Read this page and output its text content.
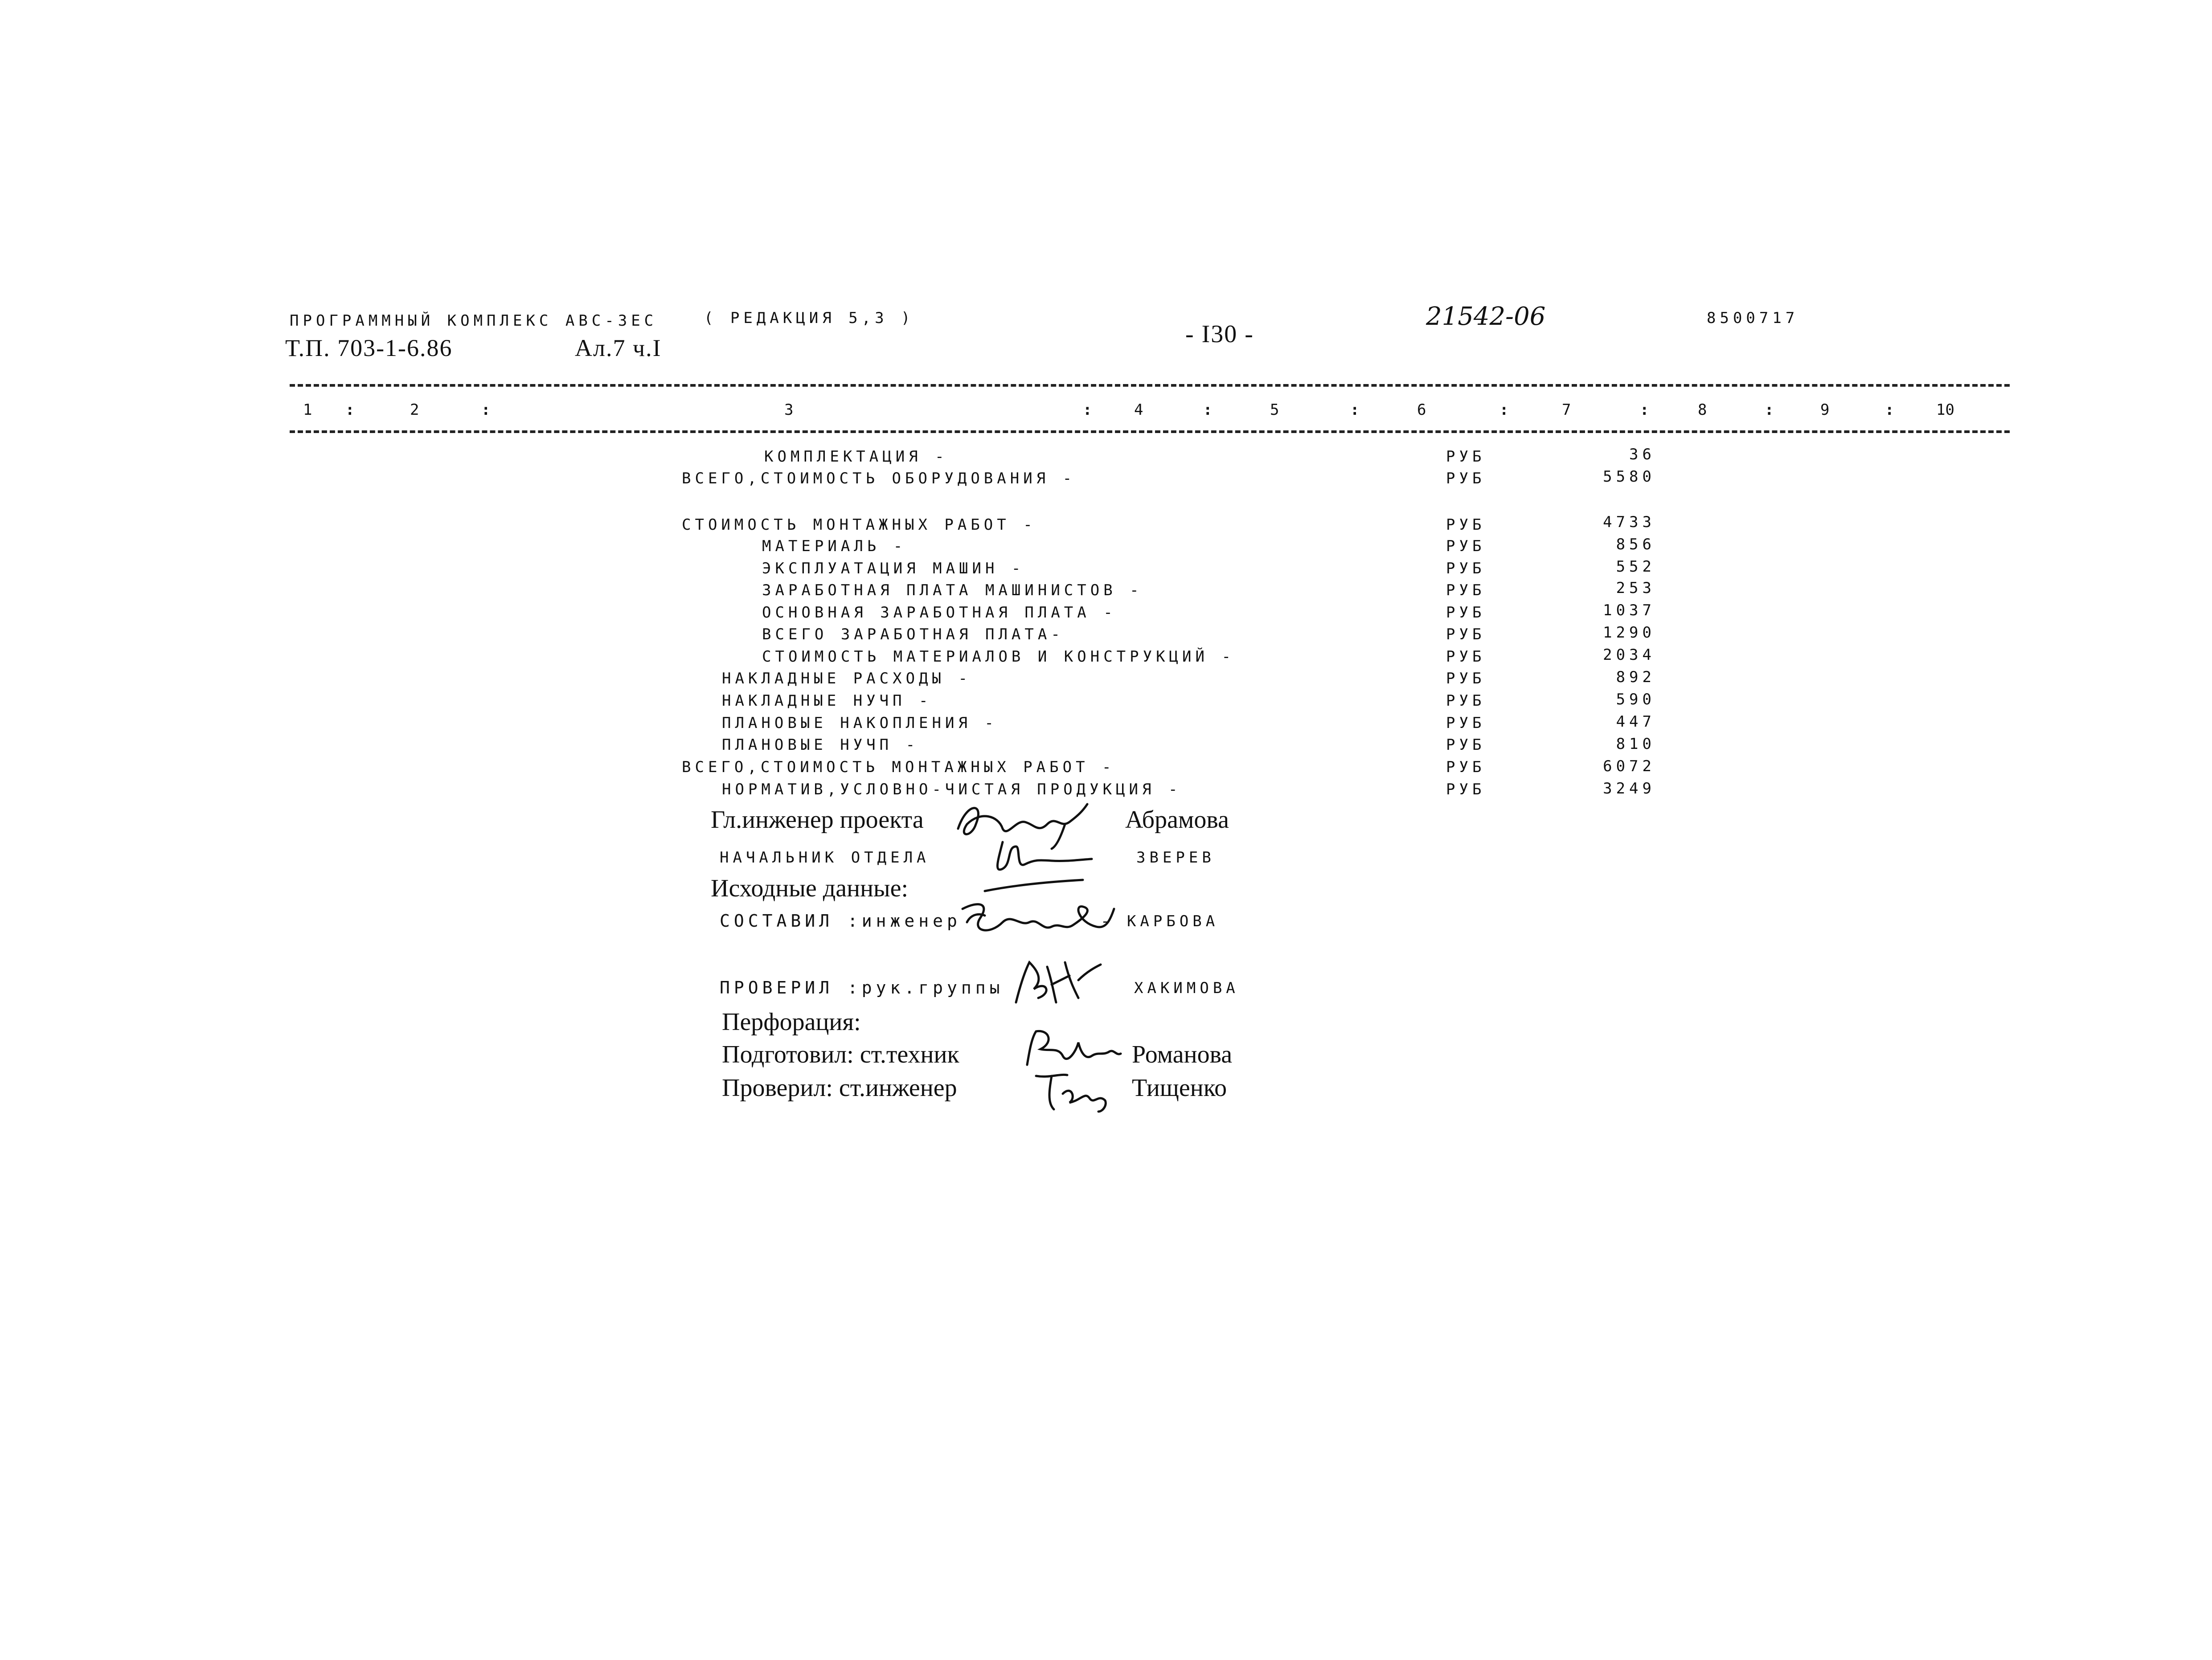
ПРОГРАММНЫЙ КОМПЛЕКС АВС-3ЕС	( РЕДАКЦИЯ 5,3 )
Т.П. 703-1-6.86	Ал.7 ч.I	- I30 -
21542-06	8500717
1 :	2	:	3	:	4	:	5	:	6	:	7	:	8	:	9	:	10
КОМПЛЕКТАЦИЯ -	РУБ	36
ВСЕГО,СТОИМОСТЬ ОБОРУДОВАНИЯ -	РУБ	5580
СТОИМОСТЬ МОНТАЖНЫХ РАБОТ -	РУБ	4733
МАТЕРИАЛЬ -	РУБ	856
ЭКСПЛУАТАЦИЯ МАШИН -	РУБ	552
ЗАРАБОТНАЯ ПЛАТА МАШИНИСТОВ -	РУБ	253
ОСНОВНАЯ ЗАРАБОТНАЯ ПЛАТА -	РУБ	1037
ВСЕГО ЗАРАБОТНАЯ ПЛАТА-	РУБ	1290
СТОИМОСТЬ МАТЕРИАЛОВ И КОНСТРУКЦИЙ -	РУБ	2034
НАКЛАДНЫЕ РАСХОДЫ -	РУБ	892
НАКЛАДНЫЕ НУЧП -	РУБ	590
ПЛАНОВЫЕ НАКОПЛЕНИЯ -	РУБ	447
ПЛАНОВЫЕ НУЧП -	РУБ	810
ВСЕГО,СТОИМОСТЬ МОНТАЖНЫХ РАБОТ -	РУБ	6072
НОРМАТИВ,УСЛОВНО-ЧИСТАЯ ПРОДУКЦИЯ -	РУБ	3249
Гл.инженер проекта	Абрамова
НАЧАЛЬНИК ОТДЕЛА	ЗВЕРЕВ
Исходные данные:
СОСТАВИЛ :инженер	- КАРБОВА
ПРОВЕРИЛ :рук.группы	ХАКИМОВА
Перфорация:
Подготовил: ст.техник	Романова
Проверил: ст.инженер	Тищенко
